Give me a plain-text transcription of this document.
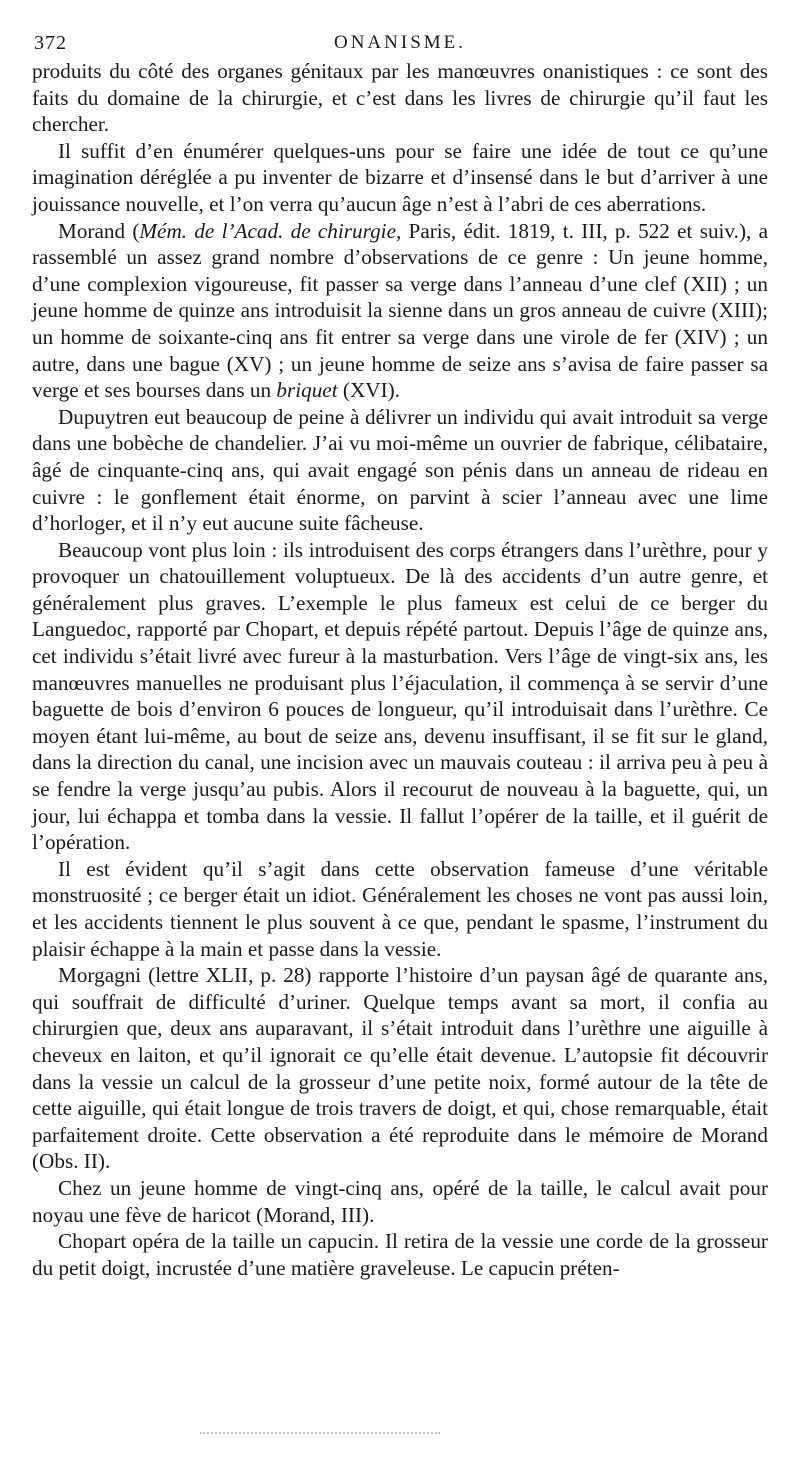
372	ONANISME.

produits du côté des organes génitaux par les manœuvres onanistiques : ce sont des faits du domaine de la chirurgie, et c’est dans les livres de chirurgie qu’il faut les chercher.

Il suffit d’en énumérer quelques-uns pour se faire une idée de tout ce qu’une imagination déréglée a pu inventer de bizarre et d’insensé dans le but d’arriver à une jouissance nouvelle, et l’on verra qu’aucun âge n’est à l’abri de ces aberrations.

Morand (Mém. de l’Acad. de chirurgie, Paris, édit. 1819, t. III, p. 522 et suiv.), a rassemblé un assez grand nombre d’observations de ce genre : Un jeune homme, d’une complexion vigoureuse, fit passer sa verge dans l’anneau d’une clef (XII) ; un jeune homme de quinze ans introduisit la sienne dans un gros anneau de cuivre (XIII); un homme de soixante-cinq ans fit entrer sa verge dans une virole de fer (XIV) ; un autre, dans une bague (XV) ; un jeune homme de seize ans s’avisa de faire passer sa verge et ses bourses dans un briquet (XVI).

Dupuytren eut beaucoup de peine à délivrer un individu qui avait introduit sa verge dans une bobèche de chandelier. J’ai vu moi-même un ouvrier de fabrique, célibataire, âgé de cinquante-cinq ans, qui avait engagé son pénis dans un anneau de rideau en cuivre : le gonflement était énorme, on parvint à scier l’anneau avec une lime d’horloger, et il n’y eut aucune suite fâcheuse.

Beaucoup vont plus loin : ils introduisent des corps étrangers dans l’urèthre, pour y provoquer un chatouillement voluptueux. De là des accidents d’un autre genre, et généralement plus graves. L’exemple le plus fameux est celui de ce berger du Languedoc, rapporté par Chopart, et depuis répété partout. Depuis l’âge de quinze ans, cet individu s’était livré avec fureur à la masturbation. Vers l’âge de vingt-six ans, les manœuvres manuelles ne produisant plus l’éjaculation, il commença à se servir d’une baguette de bois d’environ 6 pouces de longueur, qu’il introduisait dans l’urèthre. Ce moyen étant lui-même, au bout de seize ans, devenu insuffisant, il se fit sur le gland, dans la direction du canal, une incision avec un mauvais couteau : il arriva peu à peu à se fendre la verge jusqu’au pubis. Alors il recourut de nouveau à la baguette, qui, un jour, lui échappa et tomba dans la vessie. Il fallut l’opérer de la taille, et il guérit de l’opération.

Il est évident qu’il s’agit dans cette observation fameuse d’une véritable monstruosité ; ce berger était un idiot. Généralement les choses ne vont pas aussi loin, et les accidents tiennent le plus souvent à ce que, pendant le spasme, l’instrument du plaisir échappe à la main et passe dans la vessie.

Morgagni (lettre XLII, p. 28) rapporte l’histoire d’un paysan âgé de quarante ans, qui souffrait de difficulté d’uriner. Quelque temps avant sa mort, il confia au chirurgien que, deux ans auparavant, il s’était introduit dans l’urèthre une aiguille à cheveux en laiton, et qu’il ignorait ce qu’elle était devenue. L’autopsie fit découvrir dans la vessie un calcul de la grosseur d’une petite noix, formé autour de la tête de cette aiguille, qui était longue de trois travers de doigt, et qui, chose remarquable, était parfaitement droite. Cette observation a été reproduite dans le mémoire de Morand (Obs. II).

Chez un jeune homme de vingt-cinq ans, opéré de la taille, le calcul avait pour noyau une fève de haricot (Morand, III).

Chopart opéra de la taille un capucin. Il retira de la vessie une corde de la grosseur du petit doigt, incrustée d’une matière graveleuse. Le capucin préten-
